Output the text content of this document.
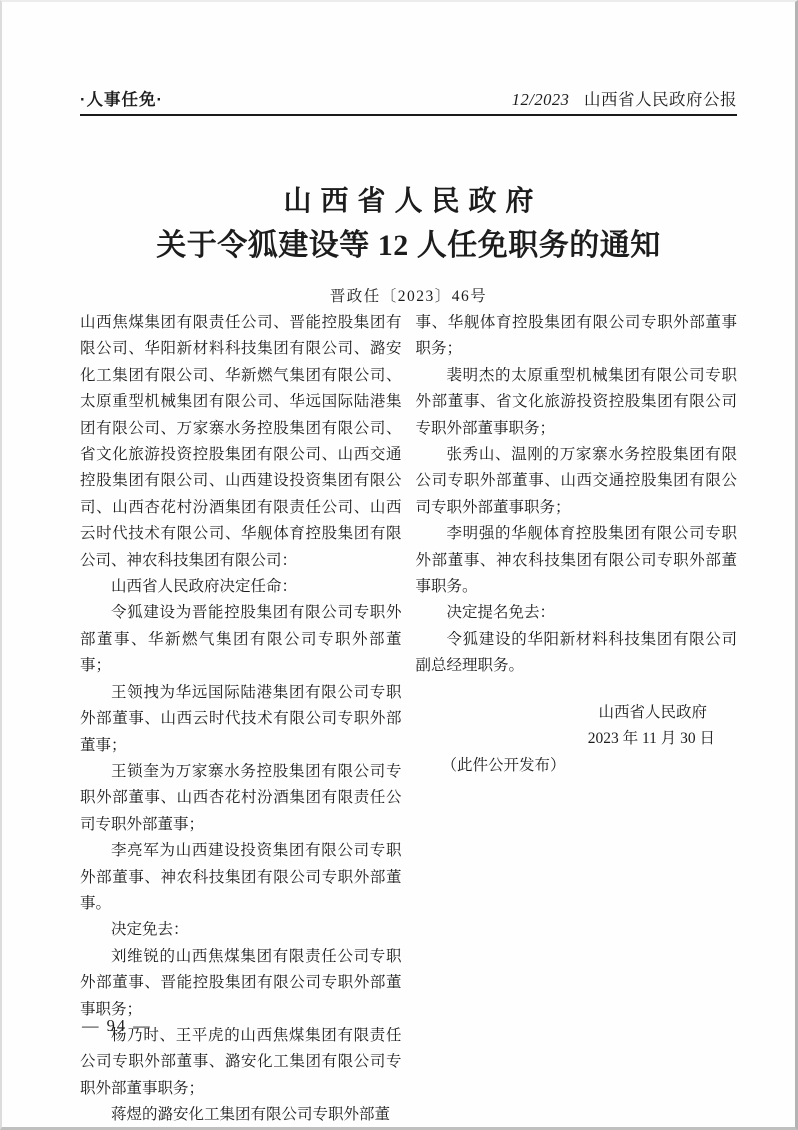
·人事任免·	12/2023 山西省人民政府公报
山西省人民政府
关于令狐建设等 12 人任免职务的通知
晋政任〔2023〕46号

山西焦煤集团有限责任公司、晋能控股集团有限公司、华阳新材料科技集团有限公司、潞安化工集团有限公司、华新燃气集团有限公司、太原重型机械集团有限公司、华远国际陆港集团有限公司、万家寨水务控股集团有限公司、省文化旅游投资控股集团有限公司、山西交通控股集团有限公司、山西建设投资集团有限公司、山西杏花村汾酒集团有限责任公司、山西云时代技术有限公司、华舰体育控股集团有限公司、神农科技集团有限公司：

山西省人民政府决定任命：

令狐建设为晋能控股集团有限公司专职外部董事、华新燃气集团有限公司专职外部董事；

王领拽为华远国际陆港集团有限公司专职外部董事、山西云时代技术有限公司专职外部董事；

王锁奎为万家寨水务控股集团有限公司专职外部董事、山西杏花村汾酒集团有限责任公司专职外部董事；

李亮军为山西建设投资集团有限公司专职外部董事、神农科技集团有限公司专职外部董事。

决定免去：

刘维锐的山西焦煤集团有限责任公司专职外部董事、晋能控股集团有限公司专职外部董事职务；

杨乃时、王平虎的山西焦煤集团有限责任公司专职外部董事、潞安化工集团有限公司专职外部董事职务；

蒋煜的潞安化工集团有限公司专职外部董

事、华舰体育控股集团有限公司专职外部董事职务；

裴明杰的太原重型机械集团有限公司专职外部董事、省文化旅游投资控股集团有限公司专职外部董事职务；

张秀山、温刚的万家寨水务控股集团有限公司专职外部董事、山西交通控股集团有限公司专职外部董事职务；

李明强的华舰体育控股集团有限公司专职外部董事、神农科技集团有限公司专职外部董事职务。

决定提名免去：

令狐建设的华阳新材料科技集团有限公司副总经理职务。

山西省人民政府
2023 年 11 月 30 日
（此件公开发布）
— 94 —
